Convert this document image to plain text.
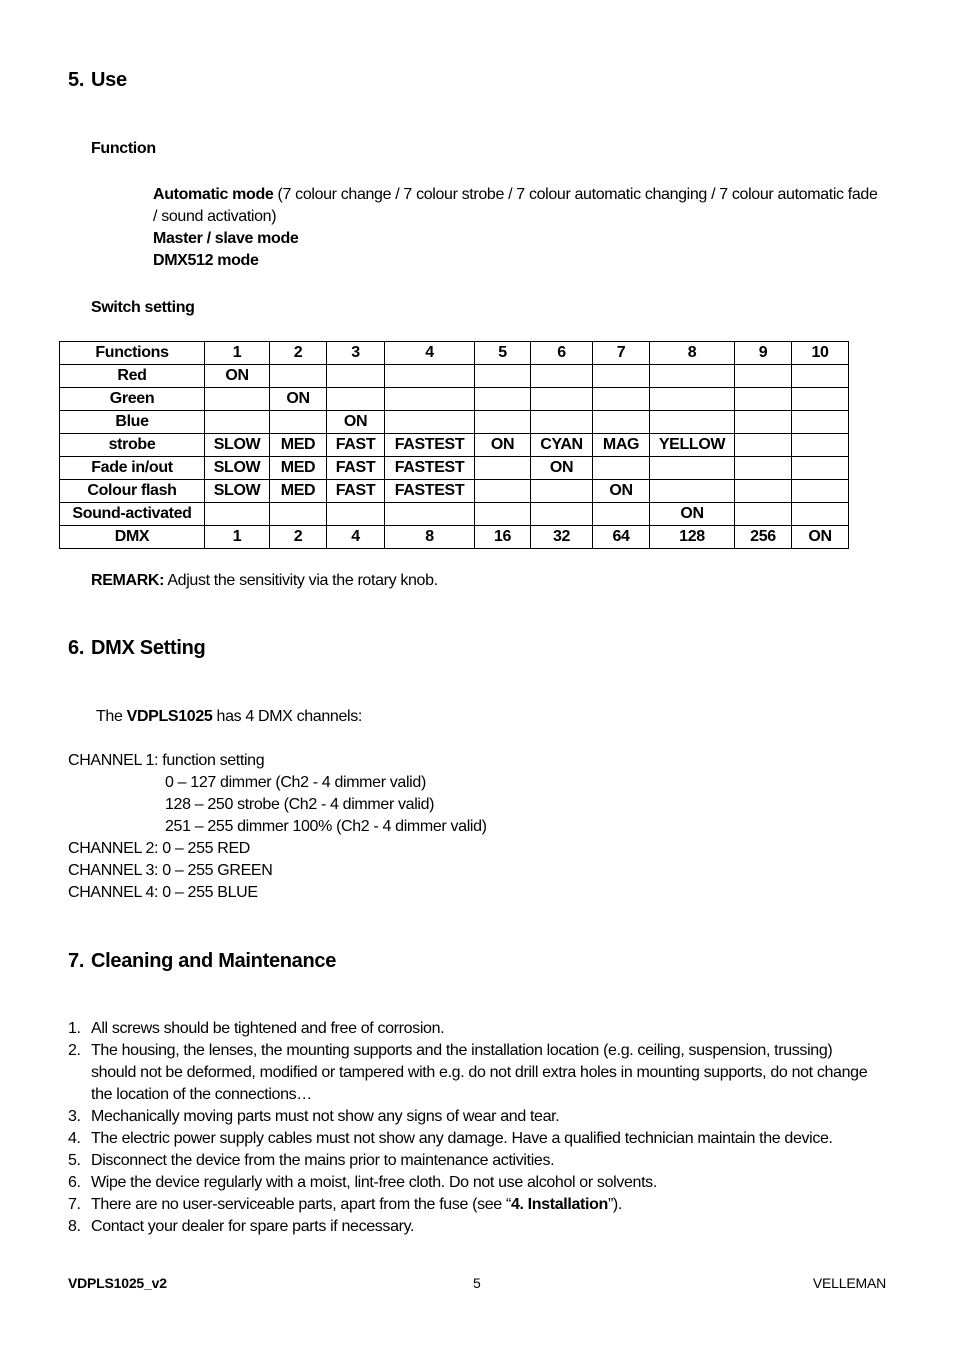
5. Use
Function
Automatic mode (7 colour change / 7 colour strobe / 7 colour automatic changing / 7 colour automatic fade / sound activation)
Master / slave mode
DMX512 mode
Switch setting
Functions	1	2	3	4	5	6	7	8	9	10
Red	ON									
Green		ON								
Blue			ON							
strobe	SLOW	MED	FAST	FASTEST	ON	CYAN	MAG	YELLOW		
Fade in/out	SLOW	MED	FAST	FASTEST		ON				
Colour flash	SLOW	MED	FAST	FASTEST			ON			
Sound-activated								ON		
DMX	1	2	4	8	16	32	64	128	256	ON
REMARK: Adjust the sensitivity via the rotary knob.
6. DMX Setting
The VDPLS1025 has 4 DMX channels:
CHANNEL 1: function setting
0 – 127 dimmer (Ch2 - 4 dimmer valid)
128 – 250 strobe (Ch2 - 4 dimmer valid)
251 – 255 dimmer 100% (Ch2 - 4 dimmer valid)
CHANNEL 2: 0 – 255 RED
CHANNEL 3: 0 – 255 GREEN
CHANNEL 4: 0 – 255 BLUE
7. Cleaning and Maintenance
1. All screws should be tightened and free of corrosion.
2. The housing, the lenses, the mounting supports and the installation location (e.g. ceiling, suspension, trussing) should not be deformed, modified or tampered with e.g. do not drill extra holes in mounting supports, do not change the location of the connections…
3. Mechanically moving parts must not show any signs of wear and tear.
4. The electric power supply cables must not show any damage. Have a qualified technician maintain the device.
5. Disconnect the device from the mains prior to maintenance activities.
6. Wipe the device regularly with a moist, lint-free cloth. Do not use alcohol or solvents.
7. There are no user-serviceable parts, apart from the fuse (see “4. Installation”).
8. Contact your dealer for spare parts if necessary.
VDPLS1025_v2	5	VELLEMAN
